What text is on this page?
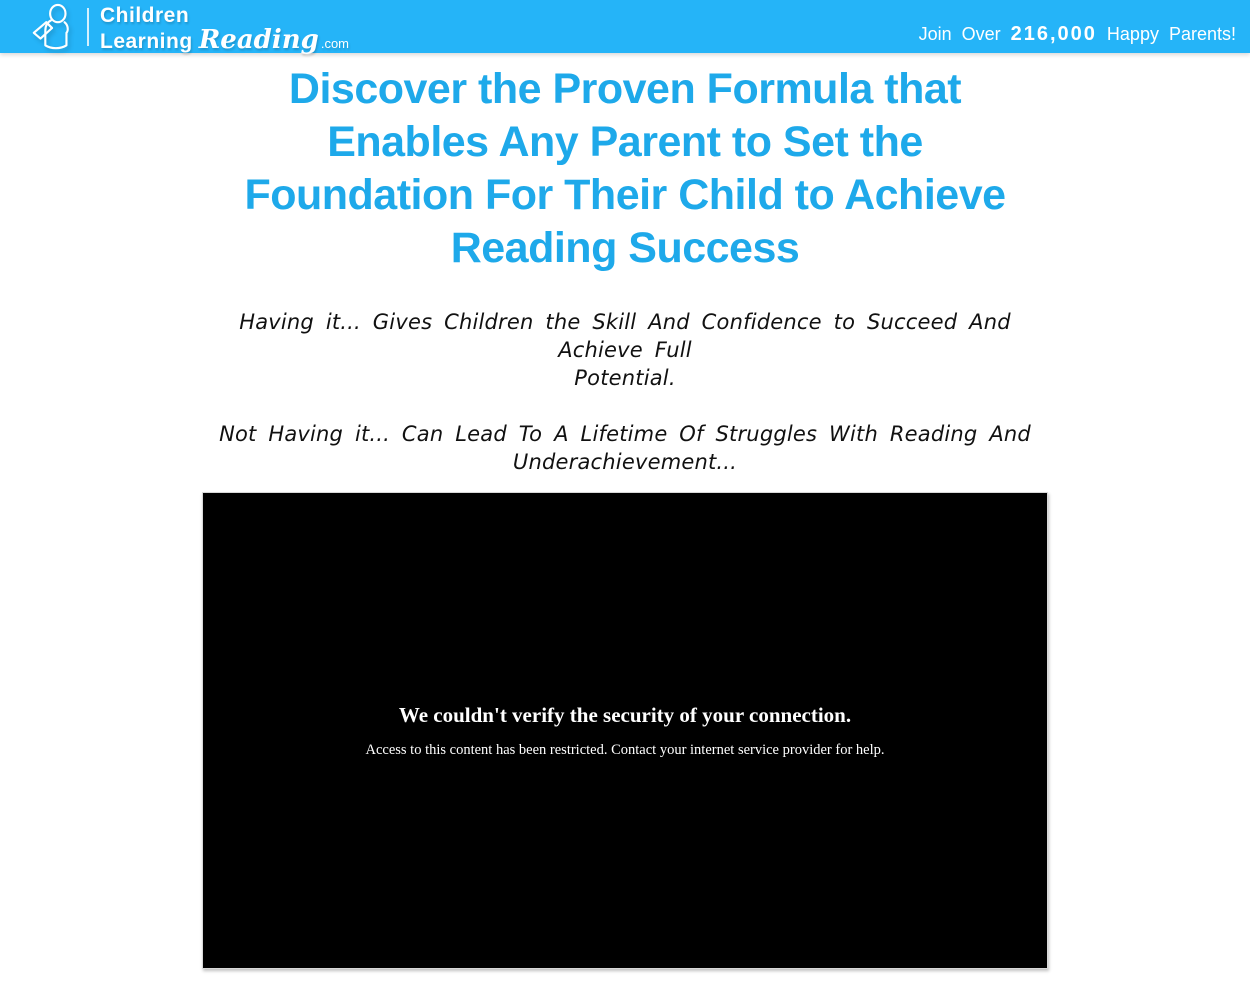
Children
Learning Reading .com	Join Over 216,000 Happy Parents!
Discover the Proven Formula that
Enables Any Parent to Set the
Foundation For Their Child to Achieve
Reading Success

Having it... Gives Children the Skill And Confidence to Succeed And Achieve Full
Potential.

Not Having it... Can Lead To A Lifetime Of Struggles With Reading And
Underachievement...

We couldn't verify the security of your connection.
Access to this content has been restricted. Contact your internet service provider for help.
